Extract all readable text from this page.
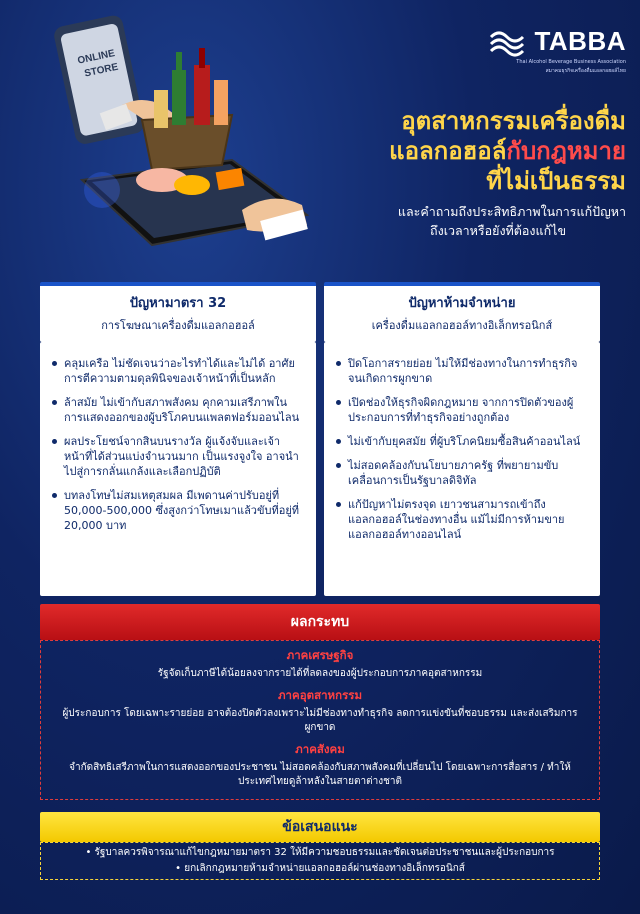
ONLINE
STORE
TABBA
Thai Alcohol Beverage Business Association
สมาคมธุรกิจเครื่องดื่มแอลกอฮอล์ไทย
อุตสาหกรรมเครื่องดื่ม
แอลกอฮอล์กับกฎหมาย
ที่ไม่เป็นธรรม
และคำถามถึงประสิทธิภาพในการแก้ปัญหา
ถึงเวลาหรือยังที่ต้องแก้ไข
ปัญหามาตรา 32
การโฆษณาเครื่องดื่มแอลกอฮอล์
คลุมเครือ ไม่ชัดเจนว่าอะไรทำได้และไม่ได้ อาศัยการตีความตามดุลพินิจของเจ้าหน้าที่เป็นหลัก
ล้าสมัย ไม่เข้ากับสภาพสังคม คุกคามเสรีภาพในการแสดงออกของผู้บริโภคบนแพลตฟอร์มออนไลน
ผลประโยชน์จากสินบนรางวัล ผู้แจ้งจับและเจ้าหน้าที่ได้ส่วนแบ่งจำนวนมาก เป็นแรงจูงใจ อาจนำไปสู่การกลั่นแกล้งและเลือกปฏิบัติ
บทลงโทษไม่สมเหตุสมผล มีเพดานค่าปรับอยู่ที่ 50,000-500,000 ซึ่งสูงกว่าโทษเมาแล้วขับที่อยู่ที่ 20,000 บาท
ปัญหาห้ามจำหน่าย
เครื่องดื่มแอลกอฮอล์ทางอิเล็กทรอนิกส์
ปิดโอกาสรายย่อย ไม่ให้มีช่องทางในการทำธุรกิจ จนเกิดการผูกขาด
เปิดช่องให้ธุรกิจผิดกฎหมาย จากการปิดตัวของผู้ประกอบการที่ทำธุรกิจอย่างถูกต้อง
ไม่เข้ากับยุคสมัย ที่ผู้บริโภคนิยมซื้อสินค้าออนไลน์
ไม่สอดคล้องกับนโยบายภาครัฐ ที่พยายามขับเคลื่อนการเป็นรัฐบาลดิจิทัล
แก้ปัญหาไม่ตรงจุด เยาวชนสามารถเข้าถึงแอลกอฮอล์ในช่องทางอื่น แม้ไม่มีการห้ามขายแอลกอฮอล์ทางออนไลน์
ผลกระทบ
ภาคเศรษฐกิจ
รัฐจัดเก็บภาษีได้น้อยลงจากรายได้ที่ลดลงของผู้ประกอบการภาคอุตสาหกรรม
ภาคอุตสาหกรรม
ผู้ประกอบการ โดยเฉพาะรายย่อย อาจต้องปิดตัวลงเพราะไม่มีช่องทางทำธุรกิจ ลดการแข่งขันที่ชอบธรรม และส่งเสริมการผูกขาด
ภาคสังคม
จำกัดสิทธิเสรีภาพในการแสดงออกของประชาชน ไม่สอดคล้องกับสภาพสังคมที่เปลี่ยนไป โดยเฉพาะการสื่อสาร / ทำให้ประเทศไทยดูล้าหลังในสายตาต่างชาติ
ข้อเสนอแนะ
• รัฐบาลควรพิจารณาแก้ไขกฎหมายมาตรา 32 ให้มีความชอบธรรมและชัดเจนต่อประชาชนและผู้ประกอบการ
• ยกเลิกกฎหมายห้ามจำหน่ายแอลกอฮอล์ผ่านช่องทางอิเล็กทรอนิกส์
